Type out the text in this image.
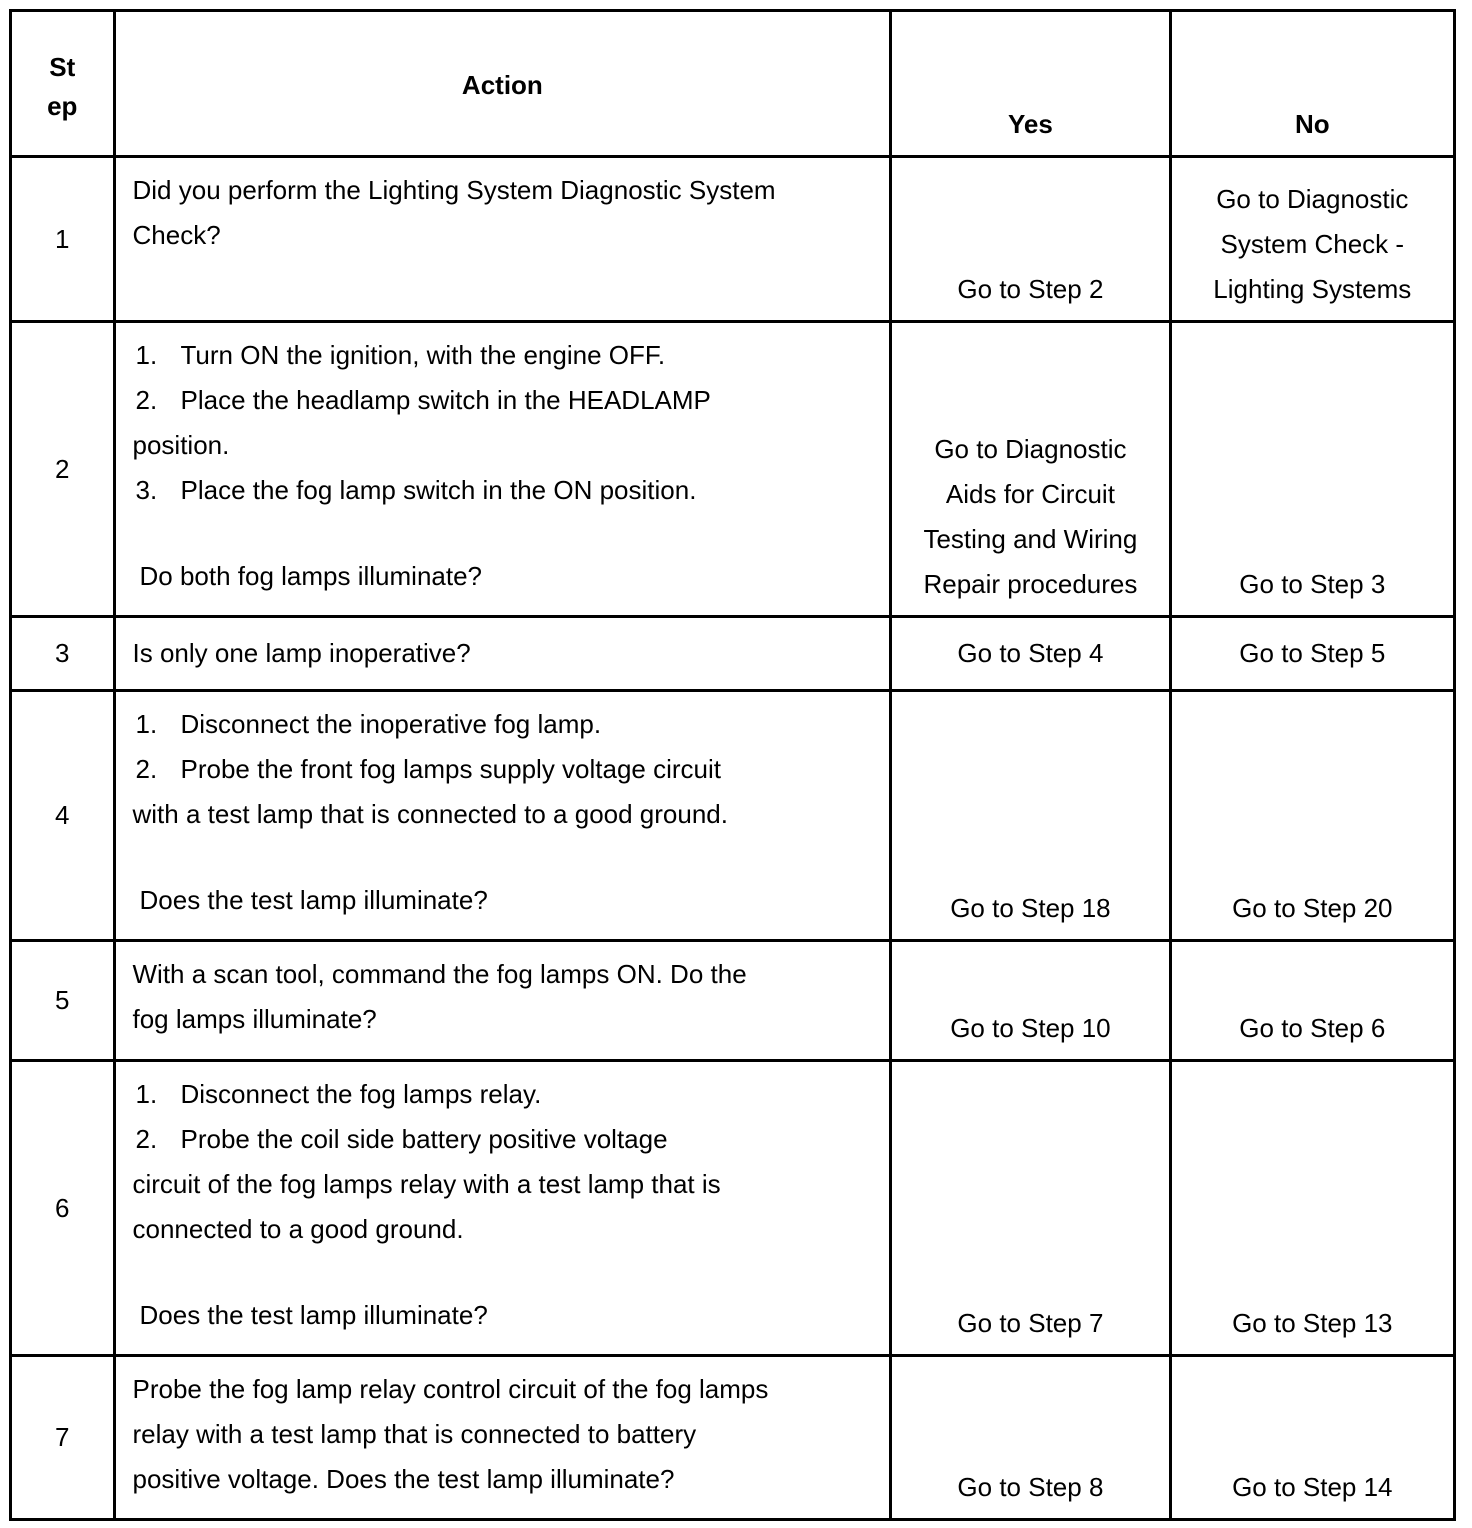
St
ep	Action	Yes	No
1	Did you perform the Lighting System Diagnostic System
Check?	Go to Step 2	Go to Diagnostic
System Check -
Lighting Systems

2	1. Turn ON the ignition, with the engine OFF.
2. Place the headlamp switch in the HEADLAMP
position.
3. Place the fog lamp switch in the ON position.
Do both fog lamps illuminate?	Go to Diagnostic
Aids for Circuit
Testing and Wiring
Repair procedures	Go to Step 3

3	Is only one lamp inoperative?	Go to Step 4	Go to Step 5

4	1. Disconnect the inoperative fog lamp.
2. Probe the front fog lamps supply voltage circuit
with a test lamp that is connected to a good ground.
Does the test lamp illuminate?	Go to Step 18	Go to Step 20

5	With a scan tool, command the fog lamps ON. Do the
fog lamps illuminate?	Go to Step 10	Go to Step 6

6	1. Disconnect the fog lamps relay.
2. Probe the coil side battery positive voltage
circuit of the fog lamps relay with a test lamp that is
connected to a good ground.
Does the test lamp illuminate?	Go to Step 7	Go to Step 13

7	Probe the fog lamp relay control circuit of the fog lamps
relay with a test lamp that is connected to battery
positive voltage. Does the test lamp illuminate?	Go to Step 8	Go to Step 14
